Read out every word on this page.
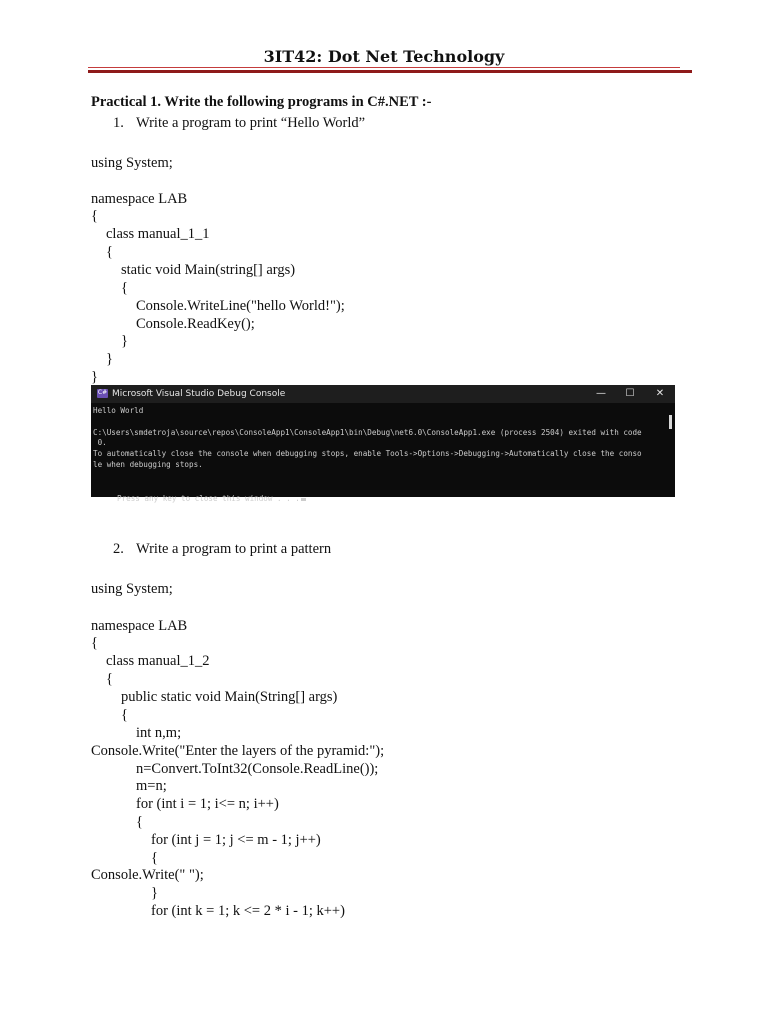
3IT42: Dot Net Technology
Practical 1. Write the following programs in C#.NET :-
1. Write a program to print “Hello World”
using System;
namespace LAB
{
class manual_1_1
{
static void Main(string[] args)
{
Console.WriteLine("hello World!");
Console.ReadKey();
}
}
}
C# Microsoft Visual Studio Debug Console	—	☐	✕
Hello World
C:\Users\smdetroja\source\repos\ConsoleApp1\ConsoleApp1\bin\Debug\net6.0\ConsoleApp1.exe (process 2504) exited with code
0.
To automatically close the console when debugging stops, enable Tools->Options->Debugging->Automatically close the conso
le when debugging stops.

Press any key to close this window . . .

2. Write a program to print a pattern
using System;
namespace LAB
{
class manual_1_2
{
public static void Main(String[] args)
{
int n,m;
Console.Write("Enter the layers of the pyramid:");
n=Convert.ToInt32(Console.ReadLine());
m=n;
for (int i = 1; i<= n; i++)
{
for (int j = 1; j <= m - 1; j++)
{
Console.Write(" ");
}
for (int k = 1; k <= 2 * i - 1; k++)
